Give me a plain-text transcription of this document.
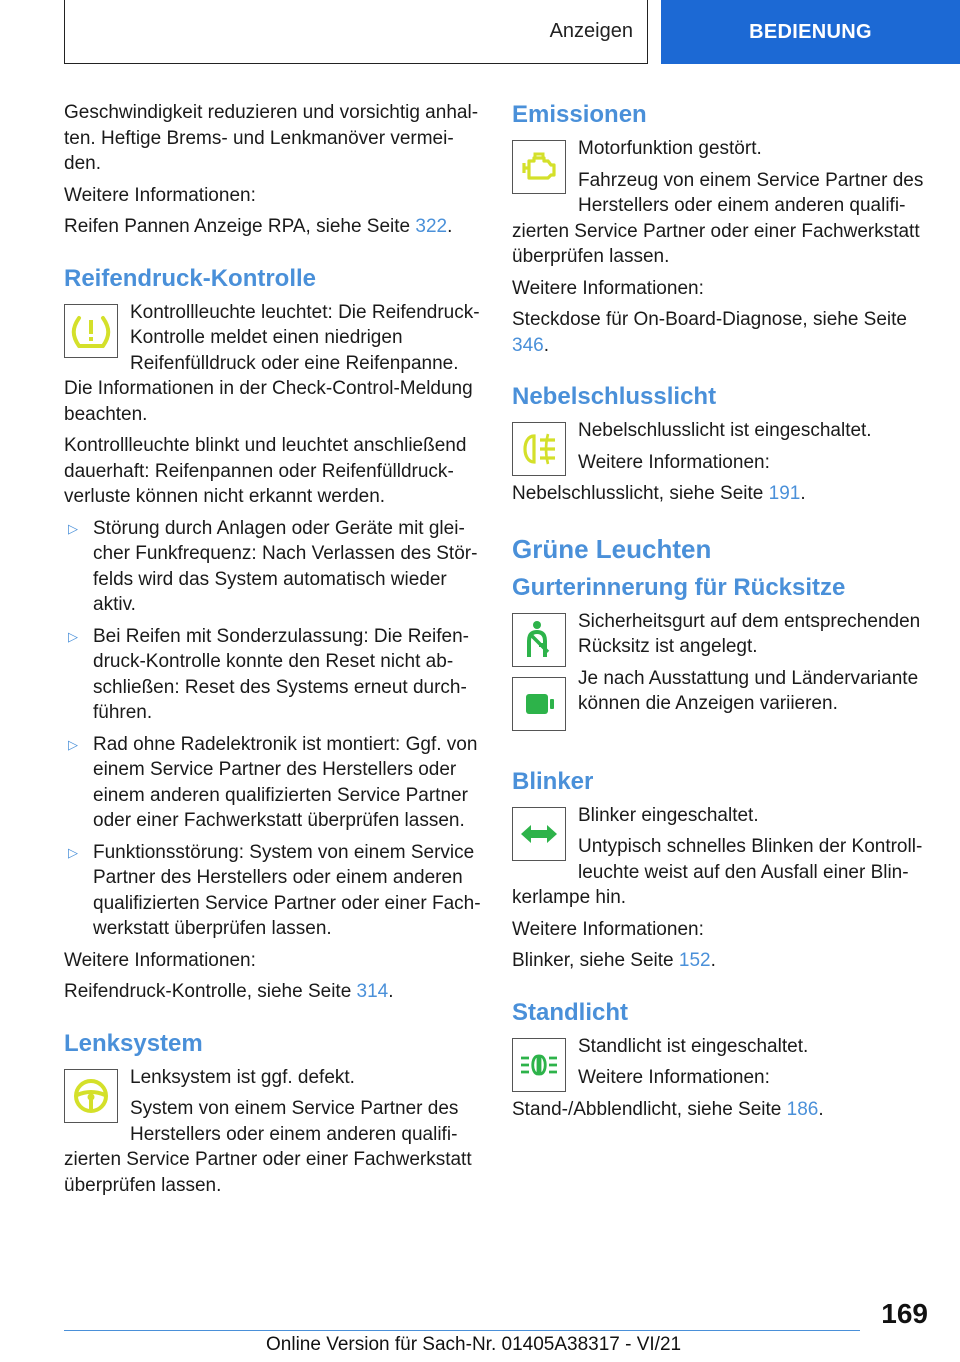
Anzeigen	BEDIENUNG

Geschwindigkeit reduzieren und vorsichtig anhalten. Heftige Brems- und Lenkmanöver vermeiden.

Weitere Informationen:

Reifen Pannen Anzeige RPA, siehe Seite 322.

Reifendruck-Kontrolle

Kontrollleuchte leuchtet: Die Reifendruck-Kontrolle meldet einen niedrigen Reifenfülldruck oder eine Reifenpanne. Die Informationen in der Check-Control-Meldung beachten.

Kontrollleuchte blinkt und leuchtet anschließend dauerhaft: Reifenpannen oder Reifenfülldruckverluste können nicht erkannt werden.

▷ Störung durch Anlagen oder Geräte mit gleicher Funkfrequenz: Nach Verlassen des Störfelds wird das System automatisch wieder aktiv.
▷ Bei Reifen mit Sonderzulassung: Die Reifendruck-Kontrolle konnte den Reset nicht abschließen: Reset des Systems erneut durchführen.
▷ Rad ohne Radelektronik ist montiert: Ggf. von einem Service Partner des Herstellers oder einem anderen qualifizierten Service Partner oder einer Fachwerkstatt überprüfen lassen.
▷ Funktionsstörung: System von einem Service Partner des Herstellers oder einem anderen qualifizierten Service Partner oder einer Fachwerkstatt überprüfen lassen.

Weitere Informationen:

Reifendruck-Kontrolle, siehe Seite 314.

Lenksystem

Lenksystem ist ggf. defekt.

System von einem Service Partner des Herstellers oder einem anderen qualifizierten Service Partner oder einer Fachwerkstatt überprüfen lassen.

Emissionen

Motorfunktion gestört.

Fahrzeug von einem Service Partner des Herstellers oder einem anderen qualifizierten Service Partner oder einer Fachwerkstatt überprüfen lassen.

Weitere Informationen:

Steckdose für On-Board-Diagnose, siehe Seite 346.

Nebelschlusslicht

Nebelschlusslicht ist eingeschaltet.

Weitere Informationen:

Nebelschlusslicht, siehe Seite 191.

Grüne Leuchten
Gurterinnerung für Rücksitze

Sicherheitsgurt auf dem entsprechenden Rücksitz ist angelegt.

Je nach Ausstattung und Ländervariante können die Anzeigen variieren.

Blinker

Blinker eingeschaltet.

Untypisch schnelles Blinken der Kontrollleuchte weist auf den Ausfall einer Blinkerlampe hin.

Weitere Informationen:

Blinker, siehe Seite 152.

Standlicht

Standlicht ist eingeschaltet.

Weitere Informationen:

Stand-/Abblendlicht, siehe Seite 186.

169
Online Version für Sach-Nr. 01405A38317 - VI/21
